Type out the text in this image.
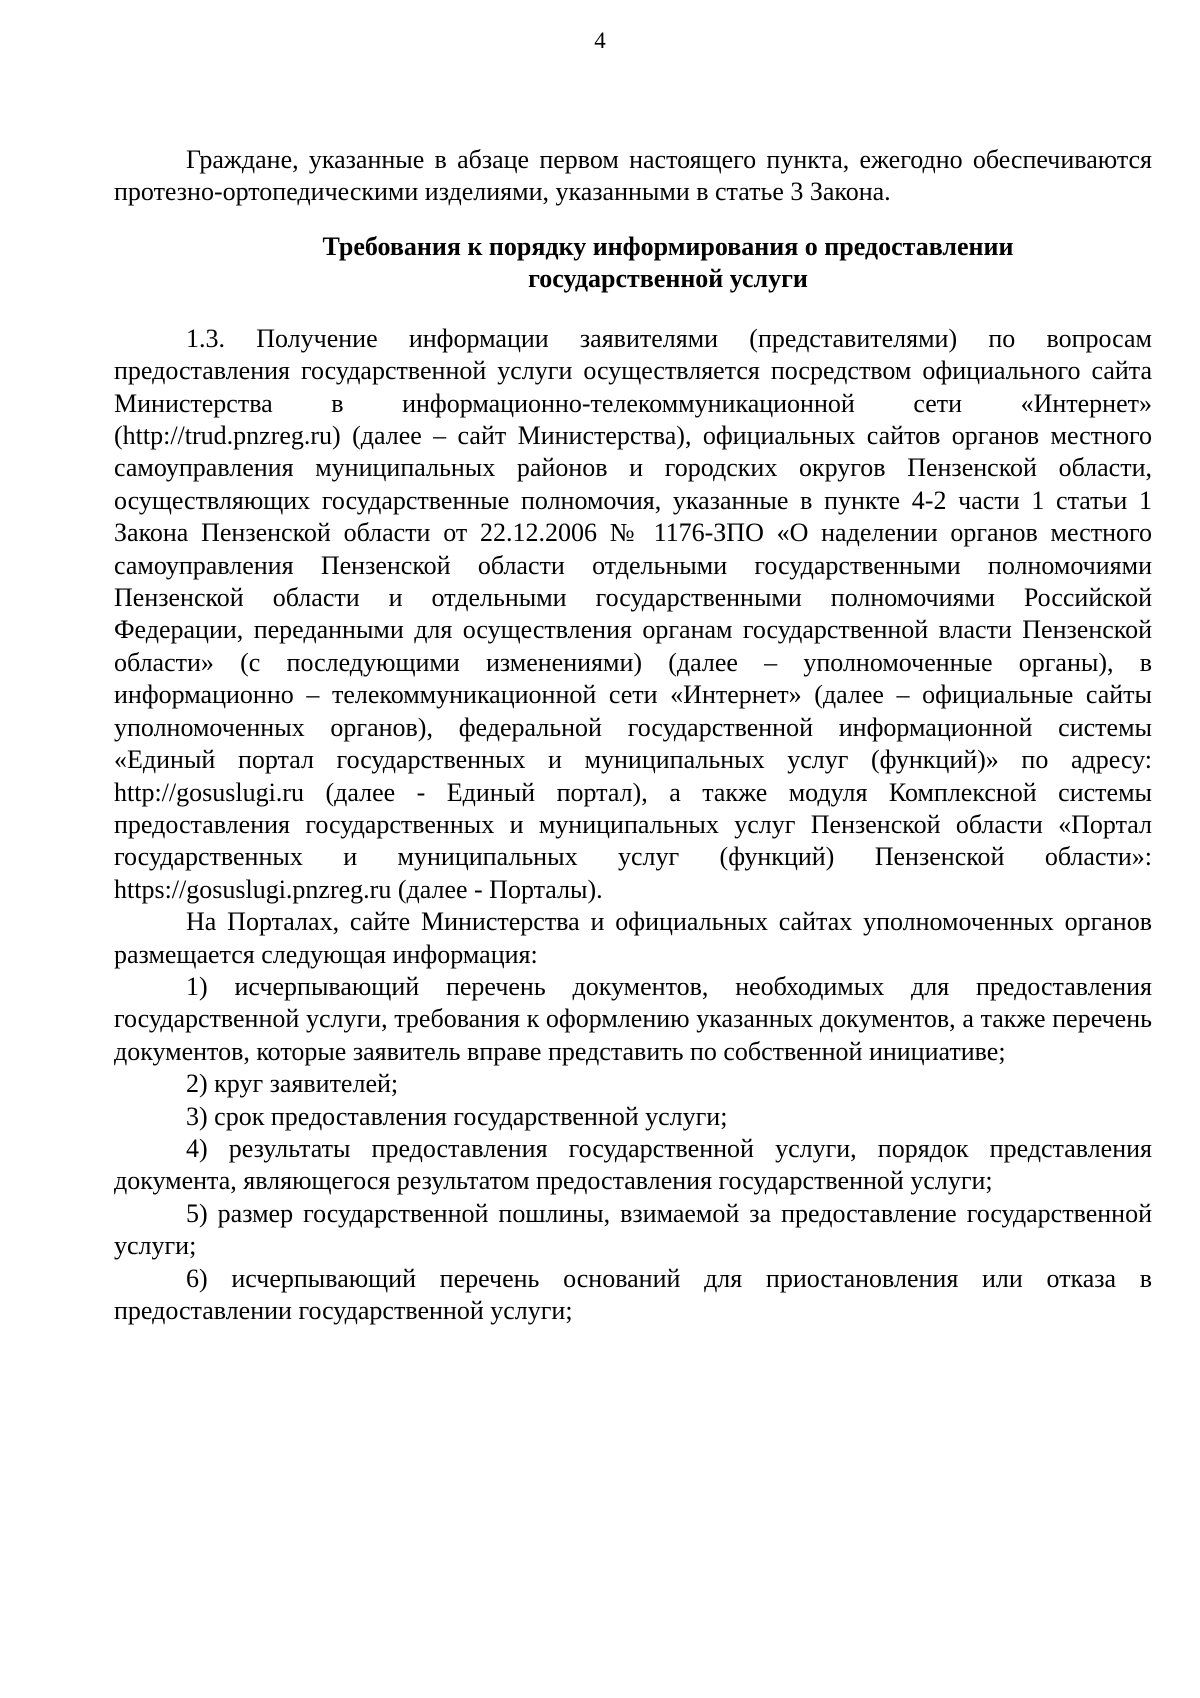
4

Граждане, указанные в абзаце первом настоящего пункта, ежегодно обеспечиваются протезно-ортопедическими изделиями, указанными в статье 3 Закона.

Требования к порядку информирования о предоставлении
государственной услуги

1.3. Получение информации заявителями (представителями) по вопросам предоставления государственной услуги осуществляется посредством официального сайта Министерства в информационно-телекоммуникационной сети «Интернет» (http://trud.pnzreg.ru) (далее – сайт Министерства), официальных сайтов органов местного самоуправления муниципальных районов и городских округов Пензенской области, осуществляющих государственные полномочия, указанные в пункте 4-2 части 1 статьи 1 Закона Пензенской области от 22.12.2006 № 1176-ЗПО «О наделении органов местного самоуправления Пензенской области отдельными государственными полномочиями Пензенской области и отдельными государственными полномочиями Российской Федерации, переданными для осуществления органам государственной власти Пензенской области» (с последующими изменениями) (далее – уполномоченные органы), в информационно – телекоммуникационной сети «Интернет» (далее – официальные сайты уполномоченных органов), федеральной государственной информационной системы «Единый портал государственных и муниципальных услуг (функций)» по адресу: http://gosuslugi.ru (далее - Единый портал), а также модуля Комплексной системы предоставления государственных и муниципальных услуг Пензенской области «Портал государственных и муниципальных услуг (функций) Пензенской области»: https://gosuslugi.pnzreg.ru (далее - Порталы).

На Порталах, сайте Министерства и официальных сайтах уполномоченных органов размещается следующая информация:

1) исчерпывающий перечень документов, необходимых для предоставления государственной услуги, требования к оформлению указанных документов, а также перечень документов, которые заявитель вправе представить по собственной инициативе;

2) круг заявителей;

3) срок предоставления государственной услуги;

4) результаты предоставления государственной услуги, порядок представления документа, являющегося результатом предоставления государственной услуги;

5) размер государственной пошлины, взимаемой за предоставление государственной услуги;

6) исчерпывающий перечень оснований для приостановления или отказа в предоставлении государственной услуги;
